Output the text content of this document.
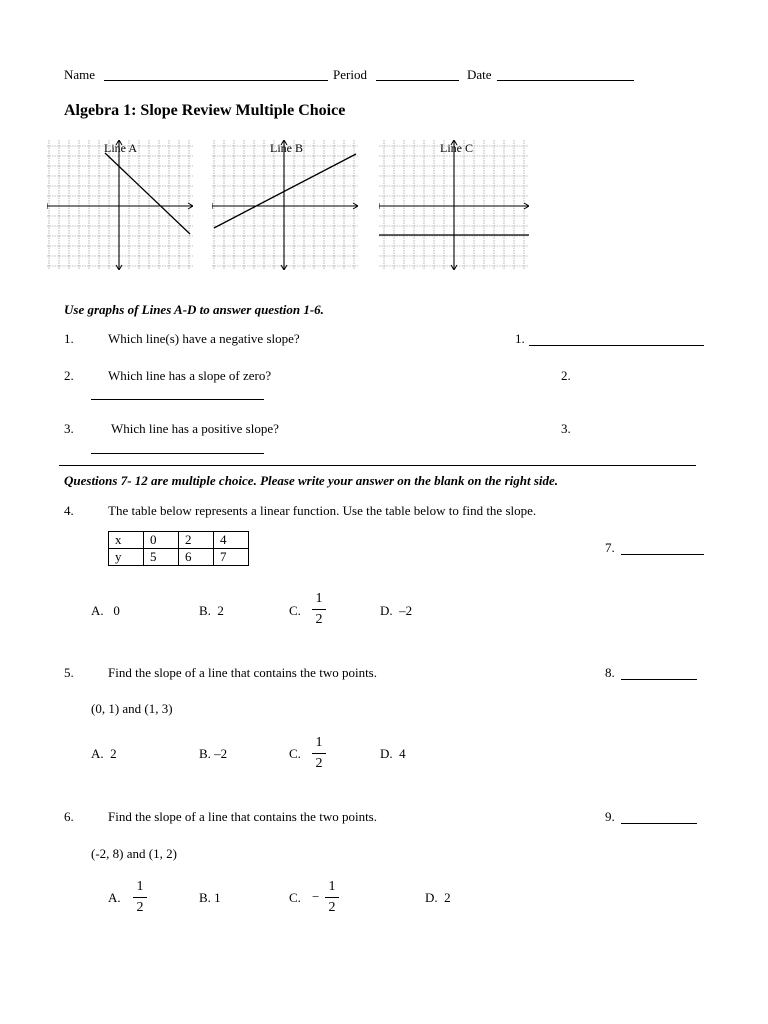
Name	Period	Date
Algebra 1: Slope Review Multiple Choice
Line A	Line B	Line C
Use graphs of Lines A-D to answer question 1-6.
1.	Which line(s) have a negative slope?	1.
2.	Which line has a slope of zero?	2.
3.	Which line has a positive slope?	3.
Questions 7- 12 are multiple choice. Please write your answer on the blank on the right side.
4.	The table below represents a linear function. Use the table below to find the slope.
x	0	2	4
y	5	6	7
7.
A.   0	B.  2	C.
1
2
D.  –2
5.	Find the slope of a line that contains the two points.	8.
(0, 1) and (1, 3)
A.  2	B. –2	C.
1
2
D.  4
6.	Find the slope of a line that contains the two points.	9.
(-2, 8) and (1, 2)
A.
1
2
B. 1	C. −
1
2
D.  2
